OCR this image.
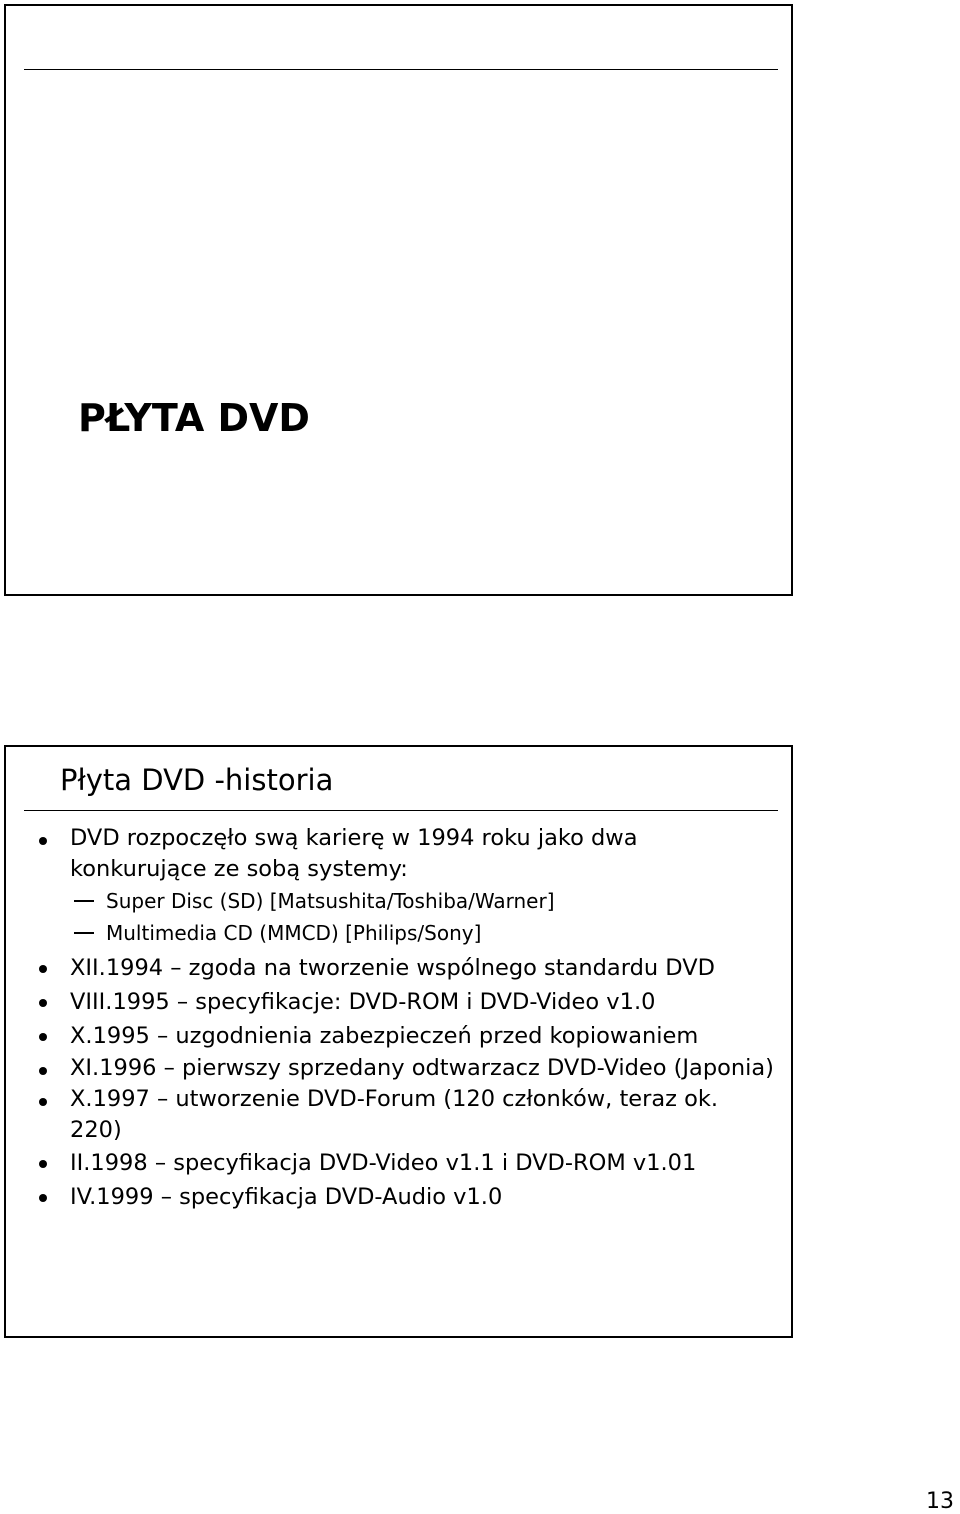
PŁYTA DVD
Płyta DVD -historia
DVD rozpoczęło swą karierę w 1994 roku jako dwa konkurujące ze sobą systemy:
Super Disc (SD) [Matsushita/Toshiba/Warner]
Multimedia CD (MMCD) [Philips/Sony]
XII.1994 – zgoda na tworzenie wspólnego standardu DVD
VIII.1995 – specyfikacje: DVD-ROM i DVD-Video v1.0
X.1995 – uzgodnienia zabezpieczeń przed kopiowaniem
XI.1996 – pierwszy sprzedany odtwarzacz DVD-Video (Japonia)
X.1997 – utworzenie DVD-Forum (120 członków, teraz ok. 220)
II.1998 – specyfikacja DVD-Video v1.1 i DVD-ROM v1.01
IV.1999 – specyfikacja DVD-Audio v1.0
13
